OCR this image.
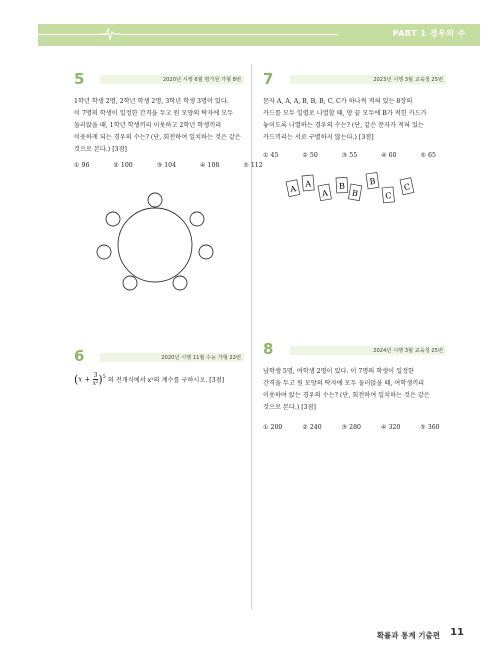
PART 1 경우의 수
5	2020년 시행 6월 평가원 가형 8번
1학년 학생 2명, 2학년 학생 2명, 3학년 학생 3명이 있다.
이 7명의 학생이 일정한 간격을 두고 원 모양의 탁자에 모두
둘러앉을 때, 1학년 학생끼리 이웃하고 2학년 학생끼리
이웃하게 되는 경우의 수는? (단, 회전하여 일치하는 것은 같은
것으로 본다.) [3점]
① 96	② 100	③ 104	④ 108	⑤ 112
6	2020년 시행 11월 수능 가형 22번
$(x + \frac{3}{\text{x²}} )^5$ 의 전개식에서 x²의 계수를 구하시오. [3점]
7	2023년 시행 3월 교육청 25번
문자 A, A, A, B, B, B, C, C가 하나씩 적혀 있는 8장의
카드를 모두 일렬로 나열할 때, 양 끝 모두에 B가 적힌 카드가
놓이도록 나열하는 경우의 수는? (단, 같은 문자가 적혀 있는
카드끼리는 서로 구별하지 않는다.) [3점]
① 45	② 50	③ 55	④ 60	⑤ 65
A
A
A
B
B
B
C
C
8	2024년 시행 3월 교육청 25번
남학생 5명, 여학생 2명이 있다. 이 7명의 학생이 일정한
간격을 두고 원 모양의 탁자에 모두 둘러앉을 때, 여학생끼리
이웃하여 앉는 경우의 수는? (단, 회전하여 일치하는 것은 같은
것으로 본다.) [3점]
① 200	② 240	③ 280	④ 320	⑤ 360
확률과 통계 기출편 11
